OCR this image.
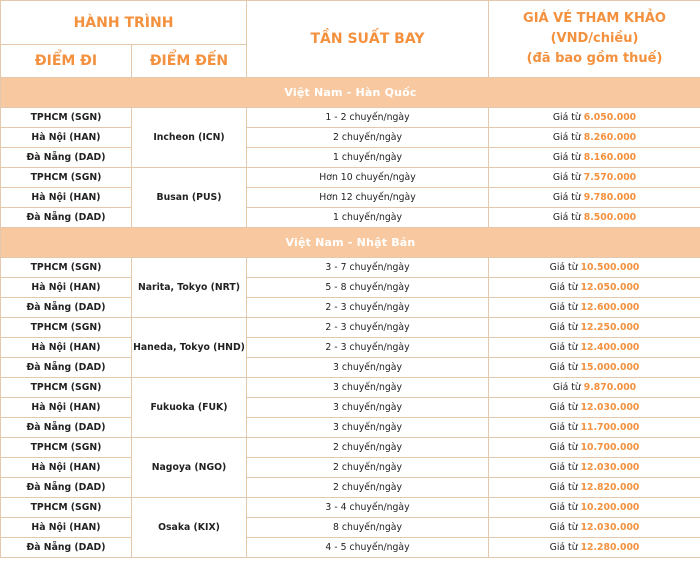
HÀNH TRÌNH		TẦN SUẤT BAY	GIÁ VÉ THAM KHẢO
(VND/chiều)
(đã bao gồm thuế)

ĐIỂM ĐI	ĐIỂM ĐẾN		
Việt Nam - Hàn Quốc			
TPHCM (SGN)	Incheon (ICN)	1 - 2 chuyến/ngày	Giá từ 6.050.000
Hà Nội (HAN)		2 chuyến/ngày	Giá từ 8.260.000
Đà Nẵng (DAD)		1 chuyến/ngày	Giá từ 8.160.000
TPHCM (SGN)	Busan (PUS)	Hơn 10 chuyến/ngày	Giá từ 7.570.000
Hà Nội (HAN)		Hơn 12 chuyến/ngày	Giá từ 9.780.000
Đà Nẵng (DAD)		1 chuyến/ngày	Giá từ 8.500.000
Việt Nam - Nhật Bản			
TPHCM (SGN)	Narita, Tokyo (NRT)	3 - 7 chuyến/ngày	Giá từ 10.500.000
Hà Nội (HAN)		5 - 8 chuyến/ngày	Giá từ 12.050.000
Đà Nẵng (DAD)		2 - 3 chuyến/ngày	Giá từ 12.600.000
TPHCM (SGN)	Haneda, Tokyo (HND)	2 - 3 chuyến/ngày	Giá từ 12.250.000
Hà Nội (HAN)		2 - 3 chuyến/ngày	Giá từ 12.400.000
Đà Nẵng (DAD)		3 chuyến/ngày	Giá từ 15.000.000
TPHCM (SGN)	Fukuoka (FUK)	3 chuyến/ngày	Giá từ 9.870.000
Hà Nội (HAN)		3 chuyến/ngày	Giá từ 12.030.000
Đà Nẵng (DAD)		3 chuyến/ngày	Giá từ 11.700.000
TPHCM (SGN)	Nagoya (NGO)	2 chuyến/ngày	Giá từ 10.700.000
Hà Nội (HAN)		2 chuyến/ngày	Giá từ 12.030.000
Đà Nẵng (DAD)		2 chuyến/ngày	Giá từ 12.820.000
TPHCM (SGN)	Osaka (KIX)	3 - 4 chuyến/ngày	Giá từ 10.200.000
Hà Nội (HAN)		8 chuyến/ngày	Giá từ 12.030.000
Đà Nẵng (DAD)		4 - 5 chuyến/ngày	Giá từ 12.280.000
